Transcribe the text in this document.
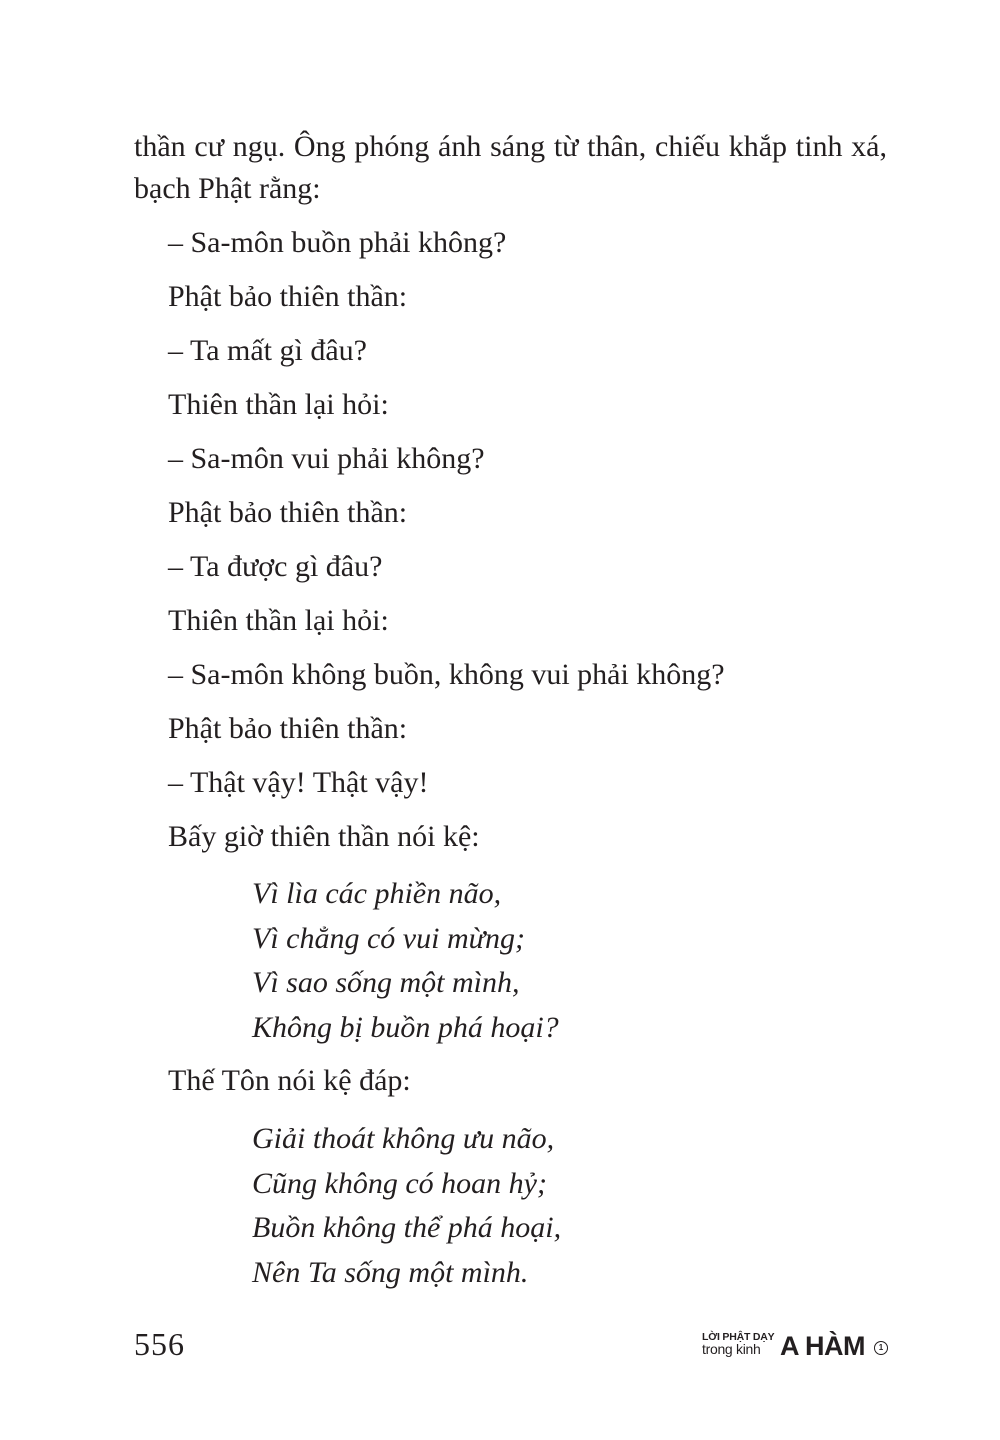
thần cư ngụ. Ông phóng ánh sáng từ thân, chiếu khắp tinh xá, bạch Phật rằng:

– Sa-môn buồn phải không?

Phật bảo thiên thần:

– Ta mất gì đâu?

Thiên thần lại hỏi:

– Sa-môn vui phải không?

Phật bảo thiên thần:

– Ta được gì đâu?

Thiên thần lại hỏi:

– Sa-môn không buồn, không vui phải không?

Phật bảo thiên thần:

– Thật vậy! Thật vậy!

Bấy giờ thiên thần nói kệ:

Vì lìa các phiền não,
Vì chẳng có vui mừng;
Vì sao sống một mình,
Không bị buồn phá hoại?

Thế Tôn nói kệ đáp:

Giải thoát không ưu não,
Cũng không có hoan hỷ;
Buồn không thể phá hoại,
Nên Ta sống một mình.
556	LỜI PHẬT DẠY
trong kinh A HÀM	1
